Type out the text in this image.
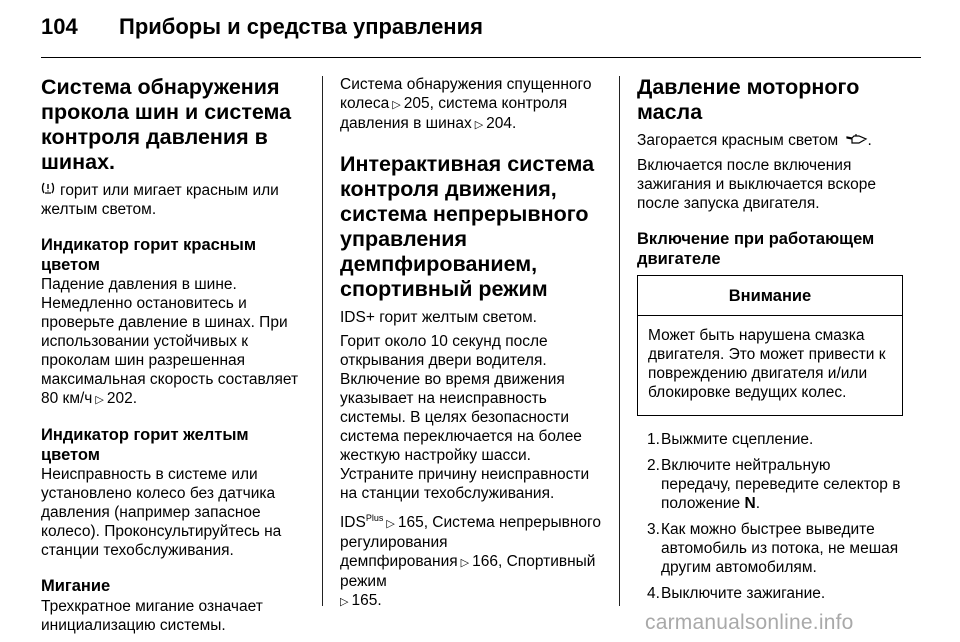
104	Приборы и средства управления
Система обнаружения прокола шин и система контроля давления в шинах.

горит или мигает красным или желтым светом.

Индикатор горит красным цветом

Падение давления в шине. Немедленно остановитесь и проверьте давление в шинах. При использовании устойчивых к проколам шин разрешенная максимальная скорость составляет 80 км/ч ▷ 202.

Индикатор горит желтым цветом

Неисправность в системе или установлено колесо без датчика давления (например запасное колесо). Проконсультируйтесь на станции техобслуживания.

Мигание

Трехкратное мигание означает инициализацию системы.

Система обнаружения спущенного колеса ▷ 205, система контроля давления в шинах ▷ 204.

Интерактивная система контроля движения, система непрерывного управления демпфированием, спортивный режим

IDS+ горит желтым светом.

Горит около 10 секунд после открывания двери водителя. Включение во время движения указывает на неисправность системы. В целях безопасности система переключается на более жесткую настройку шасси. Устраните причину неисправности на станции техобслуживания.

$IDS^{Plus}$ ▷ 165, Система непрерывного регулирования демпфирования ▷ 166, Спортивный режим
▷ 165.

Давление моторного масла

Загорается красным светом .

Включается после включения зажигания и выключается вскоре после запуска двигателя.

Включение при работающем двигателе
Внимание
Может быть нарушена смазка двигателя. Это может привести к повреждению двигателя и/или блокировке ведущих колес.
1. Выжмите сцепление.
2. Включите нейтральную передачу, переведите селектор в положение N.
3. Как можно быстрее выведите автомобиль из потока, не мешая другим автомобилям.
4. Выключите зажигание.
carmanualsonline.info
